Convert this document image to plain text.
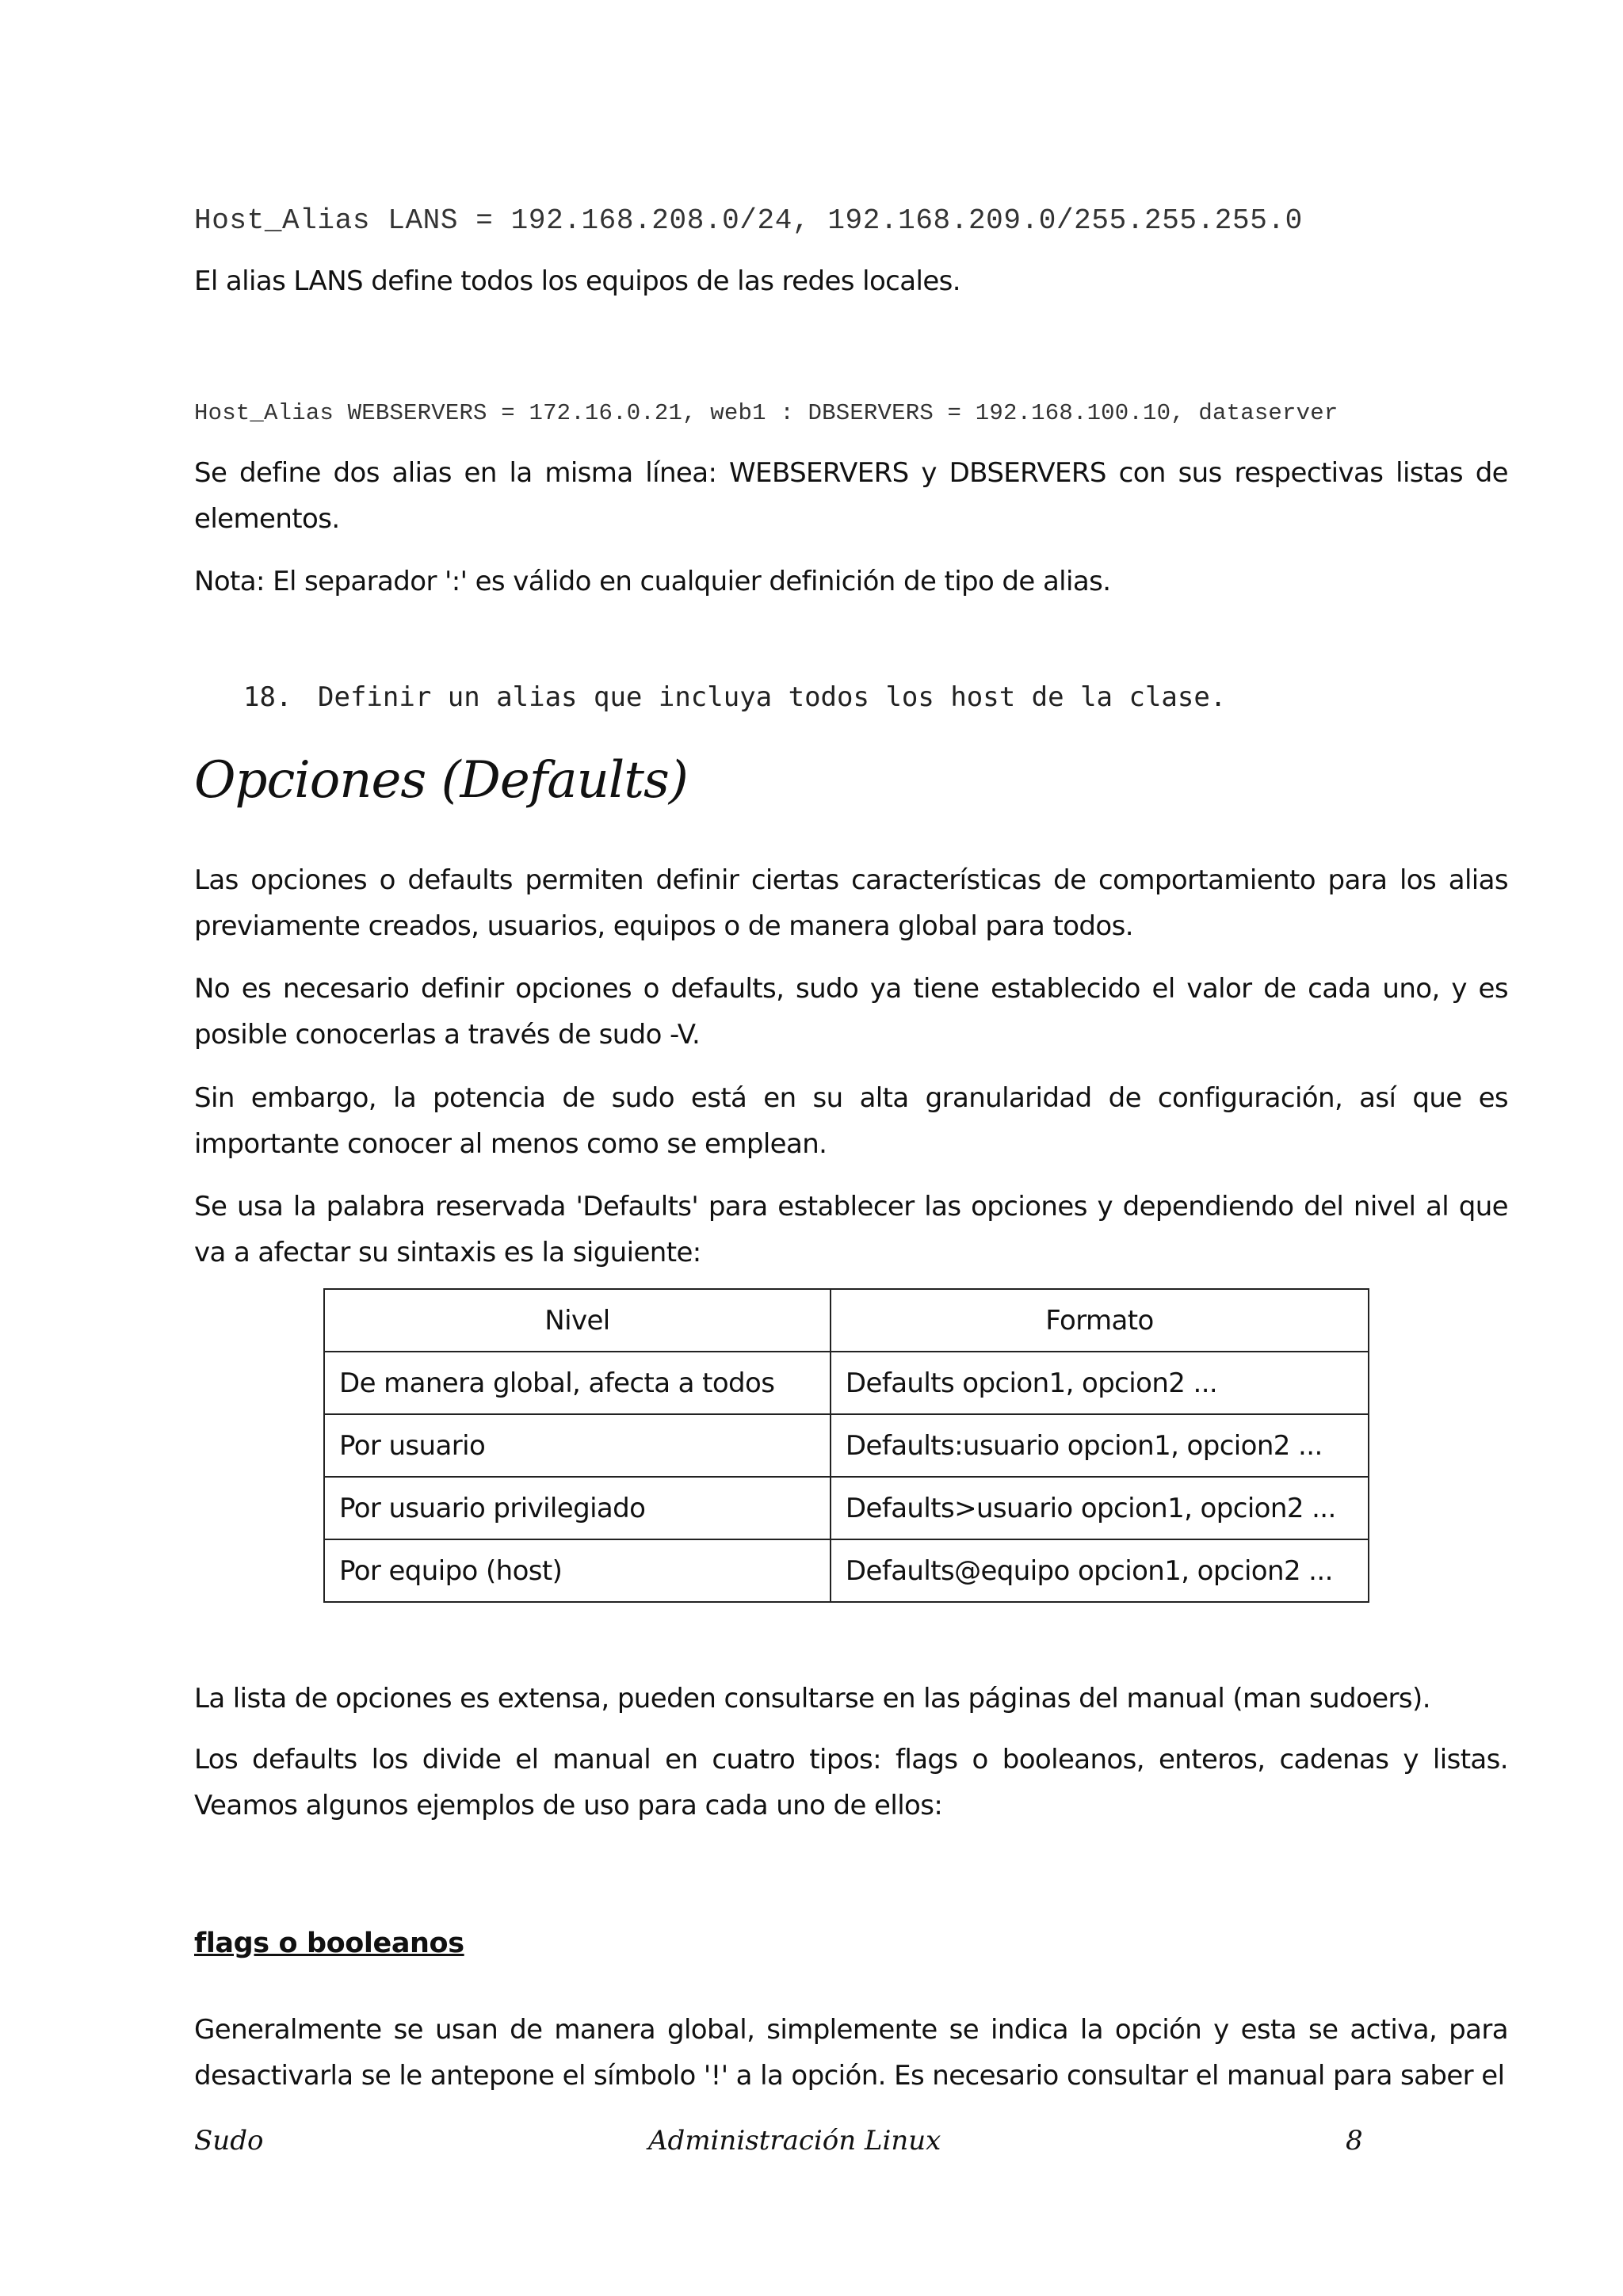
Host_Alias LANS = 192.168.208.0/24, 192.168.209.0/255.255.255.0

El alias LANS define todos los equipos de las redes locales.

Host_Alias WEBSERVERS = 172.16.0.21, web1 : DBSERVERS = 192.168.100.10, dataserver

Se define dos alias en la misma línea: WEBSERVERS y DBSERVERS con sus respectivas listas de elementos.

Nota: El separador ':' es válido en cualquier definición de tipo de alias.

18. Definir un alias que incluya todos los host de la clase.
Opciones (Defaults)

Las opciones o defaults permiten definir ciertas características de comportamiento para los alias previamente creados, usuarios, equipos o de manera global para todos.

No es necesario definir opciones o defaults, sudo ya tiene establecido el valor de cada uno, y es posible conocerlas a través de sudo -V.

Sin embargo, la potencia de sudo está en su alta granularidad de configuración, así que es importante conocer al menos como se emplean.

Se usa la palabra reservada 'Defaults' para establecer las opciones y dependiendo del nivel al que va a afectar su sintaxis es la siguiente:

Nivel	Formato
De manera global, afecta a todos	Defaults opcion1, opcion2 ...
Por usuario	Defaults:usuario opcion1, opcion2 ...
Por usuario privilegiado	Defaults>usuario opcion1, opcion2 ...
Por equipo (host)	Defaults@equipo opcion1, opcion2 ...

La lista de opciones es extensa, pueden consultarse en las páginas del manual (man sudoers).

Los defaults los divide el manual en cuatro tipos: flags o booleanos, enteros, cadenas y listas. Veamos algunos ejemplos de uso para cada uno de ellos:

flags o booleanos

Generalmente se usan de manera global, simplemente se indica la opción y esta se activa, para desactivarla se le antepone el símbolo '!' a la opción. Es necesario consultar el manual para saber el

Sudo	Administración Linux	8
